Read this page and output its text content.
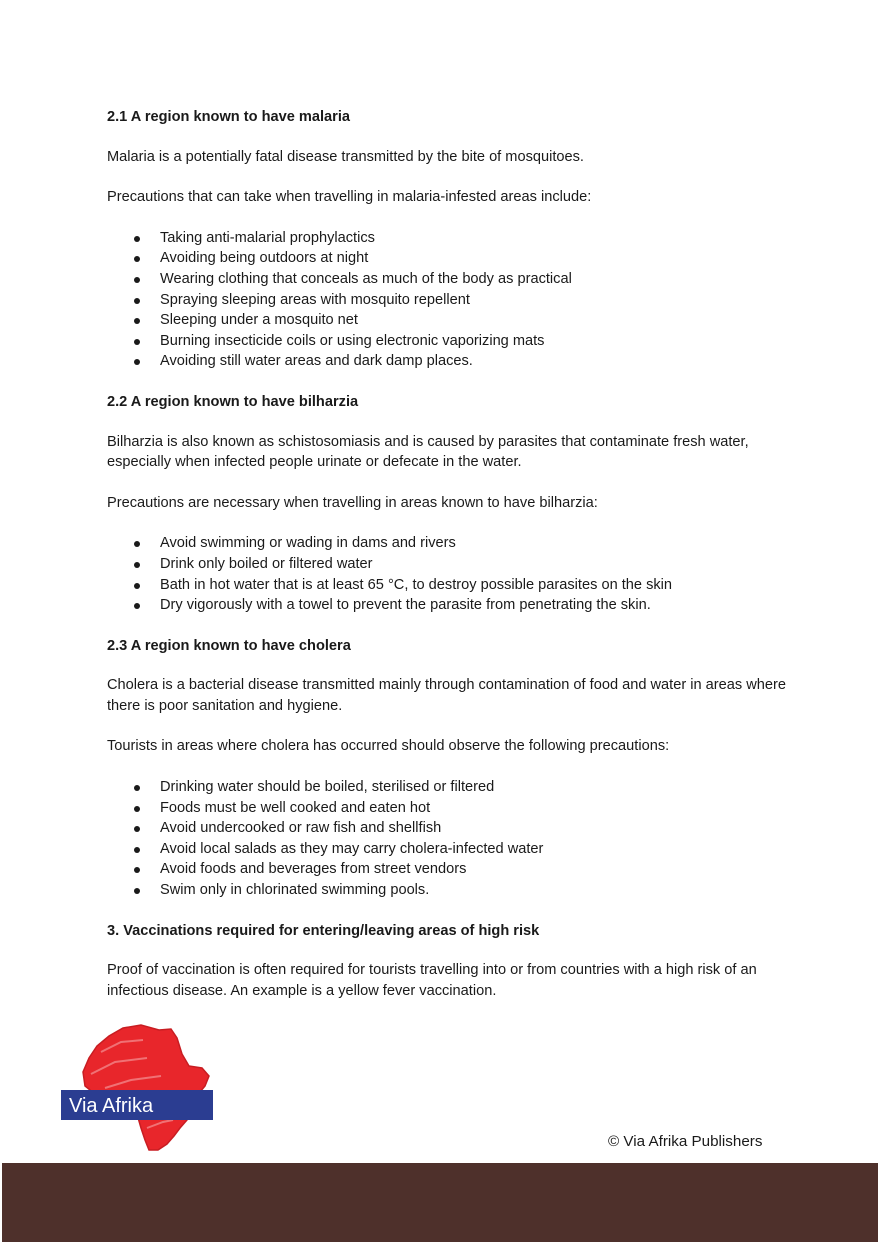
2.1 A region known to have malaria

Malaria is a potentially fatal disease transmitted by the bite of mosquitoes.

Precautions that can take when travelling in malaria-infested areas include:

Taking anti-malarial prophylactics
Avoiding being outdoors at night
Wearing clothing that conceals as much of the body as practical
Spraying sleeping areas with mosquito repellent
Sleeping under a mosquito net
Burning insecticide coils or using electronic vaporizing mats
Avoiding still water areas and dark damp places.
2.2 A region known to have bilharzia

Bilharzia is also known as schistosomiasis and is caused by parasites that contaminate fresh water, especially when infected people urinate or defecate in the water.

Precautions are necessary when travelling in areas known to have bilharzia:

Avoid swimming or wading in dams and rivers
Drink only boiled or filtered water
Bath in hot water that is at least 65 °C, to destroy possible parasites on the skin
Dry vigorously with a towel to prevent the parasite from penetrating the skin.
2.3 A region known to have cholera

Cholera is a bacterial disease transmitted mainly through contamination of food and water in areas where there is poor sanitation and hygiene.

Tourists in areas where cholera has occurred should observe the following precautions:

Drinking water should be boiled, sterilised or filtered
Foods must be well cooked and eaten hot
Avoid undercooked or raw fish and shellfish
Avoid local salads as they may carry cholera-infected water
Avoid foods and beverages from street vendors
Swim only in chlorinated swimming pools.
3. Vaccinations required for entering/leaving areas of high risk

Proof of vaccination is often required for tourists travelling into or from countries with a high risk of an infectious disease. An example is a yellow fever vaccination.

Via Afrika
© Via Afrika Publishers
